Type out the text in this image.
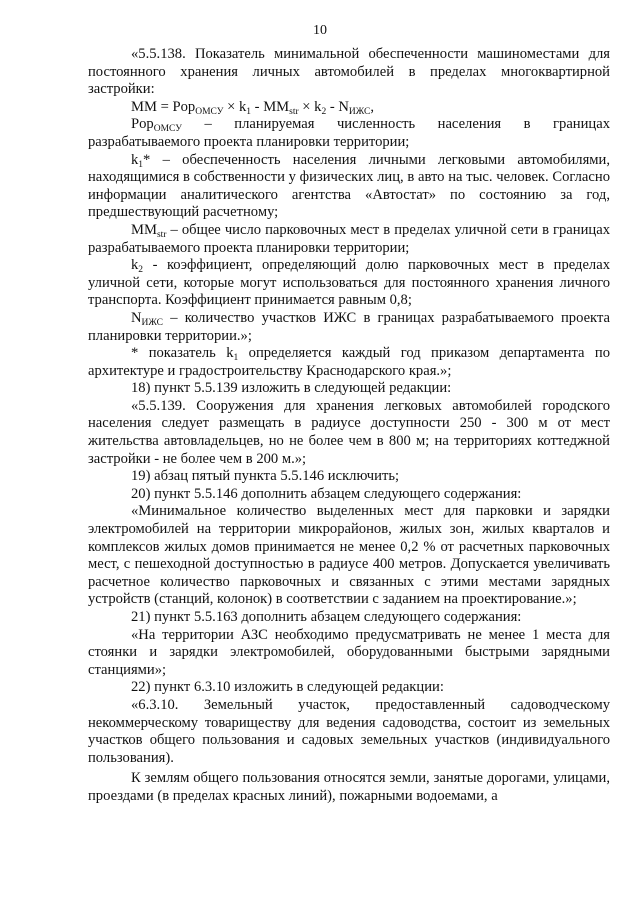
10

«5.5.138. Показатель минимальной обеспеченности машиноместами для постоянного хранения личных автомобилей в пределах многоквартирной застройки:

ММ = $Pop_{ОМСУ} \times k_1 - MM_{str} \times k_2 - N_{ИЖС}$,

Pop$_{ОМСУ}$ – планируемая численность населения в границах разрабатываемого проекта планировки территории;

$k_1*$ – обеспеченность населения личными легковыми автомобилями, находящимися в собственности у физических лиц, в авто на тыс. человек. Согласно информации аналитического агентства «Автостат» по состоянию за год, предшествующий расчетному;

$MM_{str}$ – общее число парковочных мест в пределах уличной сети в границах разрабатываемого проекта планировки территории;

$k_2$ - коэффициент, определяющий долю парковочных мест в пределах уличной сети, которые могут использоваться для постоянного хранения личного транспорта. Коэффициент принимается равным 0,8;

$N_{ИЖС}$ – количество участков ИЖС в границах разрабатываемого проекта планировки территории.»;

* показатель $k_1$ определяется каждый год приказом департамента по архитектуре и градостроительству Краснодарского края.»;

18) пункт 5.5.139 изложить в следующей редакции:

«5.5.139. Сооружения для хранения легковых автомобилей городского населения следует размещать в радиусе доступности 250 - 300 м от мест жительства автовладельцев, но не более чем в 800 м; на территориях коттеджной застройки - не более чем в 200 м.»;

19) абзац пятый пункта 5.5.146 исключить;

20) пункт 5.5.146 дополнить абзацем следующего содержания:

«Минимальное количество выделенных мест для парковки и зарядки электромобилей на территории микрорайонов, жилых зон, жилых кварталов и комплексов жилых домов принимается не менее 0,2 % от расчетных парковочных мест, с пешеходной доступностью в радиусе 400 метров. Допускается увеличивать расчетное количество парковочных и связанных с этими местами зарядных устройств (станций, колонок) в соответствии с заданием на проектирование.»;

21) пункт 5.5.163 дополнить абзацем следующего содержания:

«На территории АЗС необходимо предусматривать не менее 1 места для стоянки и зарядки электромобилей, оборудованными быстрыми зарядными станциями»;

22) пункт 6.3.10 изложить в следующей редакции:

«6.3.10. Земельный участок, предоставленный садоводческому некоммерческому товариществу для ведения садоводства, состоит из земельных участков общего пользования и садовых земельных участков (индивидуального пользования).

К землям общего пользования относятся земли, занятые дорогами, улицами, проездами (в пределах красных линий), пожарными водоемами, а
